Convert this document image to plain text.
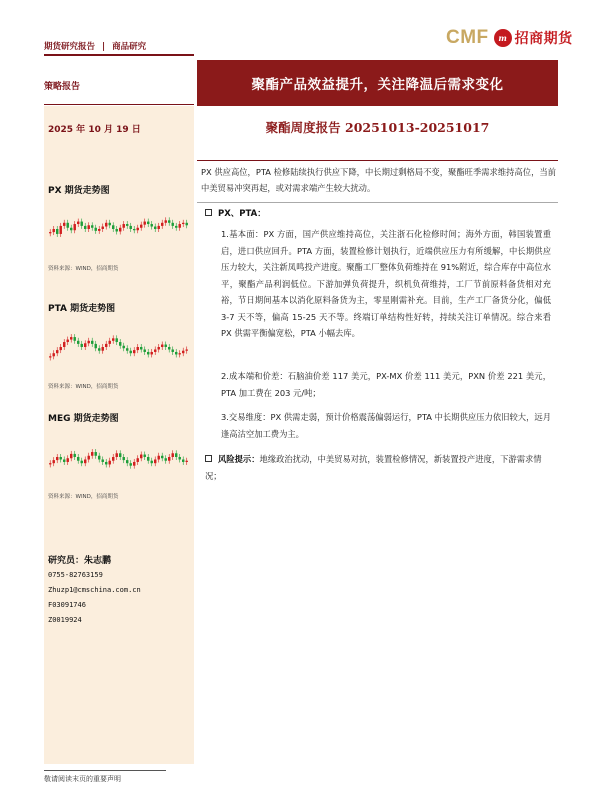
期货研究报告 | 商品研究	CMF	m 招商期货
聚酯产品效益提升，关注降温后需求变化
策略报告
2025 年 10 月 19 日	聚酯周度报告 20251013-20251017
PX 期货走势图
资料来源：WIND，招商期货
PTA 期货走势图
资料来源：WIND，招商期货
MEG 期货走势图
资料来源：WIND，招商期货
研究员：朱志鹏
0755-82763159
Zhuzp1@cmschina.com.cn
F03091746
Z0019924
PX 供应高位，PTA 检修陆续执行供应下降，中长期过剩格局不变，聚酯旺季需求维持高位，当前中美贸易冲突再起，或对需求端产生较大扰动。
PX、PTA：
1.基本面：PX 方面，国产供应维持高位，关注浙石化检修时间；海外方面，韩国装置重启，进口供应回升。PTA 方面，装置检修计划执行，近端供应压力有所缓解，中长期供应压力较大，关注新凤鸣投产进度。聚酯工厂整体负荷维持在 91%附近，综合库存中高位水平，聚酯产品利润低位。下游加弹负荷提升，织机负荷维持，工厂节前原料备货相对充裕，节日期间基本以消化原料备货为主，零星刚需补充。目前，生产工厂备货分化，偏低 3-7 天不等，偏高 15-25 天不等。终端订单结构性好转，持续关注订单情况。综合来看 PX 供需平衡偏宽松，PTA 小幅去库。
2.成本端和价差：石脑油价差 117 美元，PX-MX 价差 111 美元，PXN 价差 221 美元，PTA 加工费在 203 元/吨；
3.交易维度：PX 供需走弱，预计价格震荡偏弱运行，PTA 中长期供应压力依旧较大，远月逢高沽空加工费为主。
风险提示：地缘政治扰动，中美贸易对抗，装置检修情况，新装置投产进度，下游需求情况；
敬请阅读末页的重要声明
